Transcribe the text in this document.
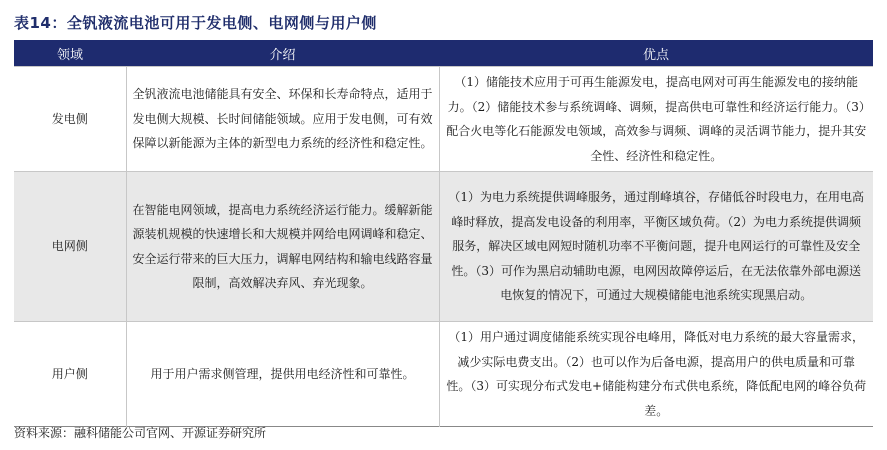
表14：全钒液流电池可用于发电侧、电网侧与用户侧
领域	介绍	优点
发电侧	全钒液流电池储能具有安全、环保和长寿命特点，适用于发电侧大规模、长时间储能领域。应用于发电侧，可有效保障以新能源为主体的新型电力系统的经济性和稳定性。	（1）储能技术应用于可再生能源发电，提高电网对可再生能源发电的接纳能力。（2）储能技术参与系统调峰、调频，提高供电可靠性和经济运行能力。（3）配合火电等化石能源发电领域，高效参与调频、调峰的灵活调节能力，提升其安全性、经济性和稳定性。
电网侧	在智能电网领域，提高电力系统经济运行能力。缓解新能源装机规模的快速增长和大规模并网给电网调峰和稳定、安全运行带来的巨大压力，调解电网结构和输电线路容量限制，高效解决弃风、弃光现象。	（1）为电力系统提供调峰服务，通过削峰填谷，存储低谷时段电力，在用电高峰时释放，提高发电设备的利用率，平衡区域负荷。（2）为电力系统提供调频服务，解决区域电网短时随机功率不平衡问题，提升电网运行的可靠性及安全性。（3）可作为黑启动辅助电源，电网因故障停运后，在无法依靠外部电源送电恢复的情况下，可通过大规模储能电池系统实现黑启动。
用户侧	用于用户需求侧管理，提供用电经济性和可靠性。	（1）用户通过调度储能系统实现谷电峰用，降低对电力系统的最大容量需求，减少实际电费支出。（2）也可以作为后备电源，提高用户的供电质量和可靠性。（3）可实现分布式发电+储能构建分布式供电系统，降低配电网的峰谷负荷差。
资料来源：融科储能公司官网、开源证券研究所
